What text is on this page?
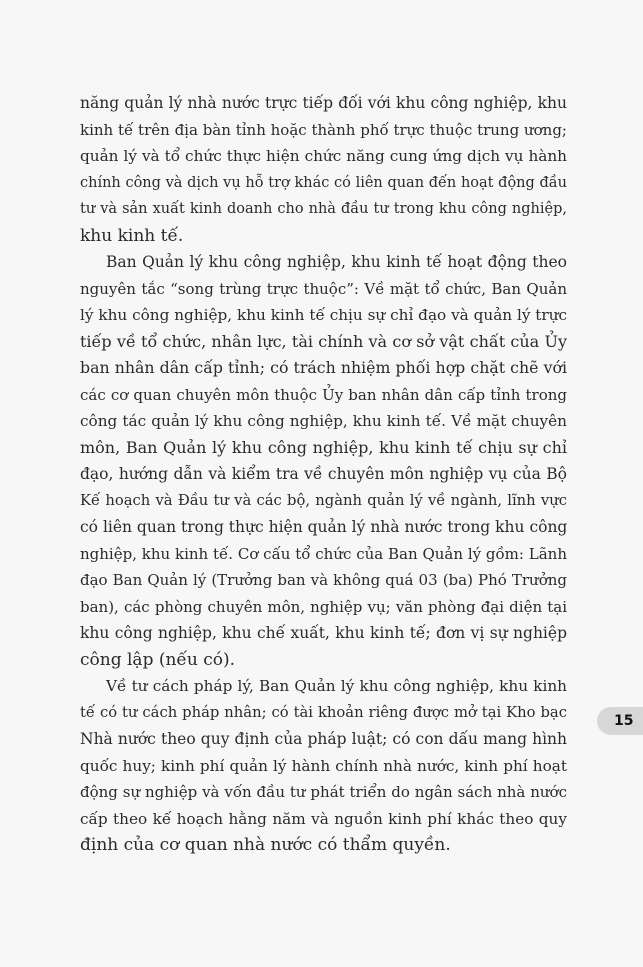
năng quản lý nhà nước trực tiếp đối với khu công nghiệp, khu
kinh tế trên địa bàn tỉnh hoặc thành phố trực thuộc trung ương;
quản lý và tổ chức thực hiện chức năng cung ứng dịch vụ hành
chính công và dịch vụ hỗ trợ khác có liên quan đến hoạt động đầu
tư và sản xuất kinh doanh cho nhà đầu tư trong khu công nghiệp,
khu kinh tế.

Ban Quản lý khu công nghiệp, khu kinh tế hoạt động theo
nguyên tắc “song trùng trực thuộc”: Về mặt tổ chức, Ban Quản
lý khu công nghiệp, khu kinh tế chịu sự chỉ đạo và quản lý trực
tiếp về tổ chức, nhân lực, tài chính và cơ sở vật chất của Ủy
ban nhân dân cấp tỉnh; có trách nhiệm phối hợp chặt chẽ với
các cơ quan chuyên môn thuộc Ủy ban nhân dân cấp tỉnh trong
công tác quản lý khu công nghiệp, khu kinh tế. Về mặt chuyên
môn, Ban Quản lý khu công nghiệp, khu kinh tế chịu sự chỉ
đạo, hướng dẫn và kiểm tra về chuyên môn nghiệp vụ của Bộ
Kế hoạch và Đầu tư và các bộ, ngành quản lý về ngành, lĩnh vực
có liên quan trong thực hiện quản lý nhà nước trong khu công
nghiệp, khu kinh tế. Cơ cấu tổ chức của Ban Quản lý gồm: Lãnh
đạo Ban Quản lý (Trưởng ban và không quá 03 (ba) Phó Trưởng
ban), các phòng chuyên môn, nghiệp vụ; văn phòng đại diện tại
khu công nghiệp, khu chế xuất, khu kinh tế; đơn vị sự nghiệp
công lập (nếu có).

Về tư cách pháp lý, Ban Quản lý khu công nghiệp, khu kinh
tế có tư cách pháp nhân; có tài khoản riêng được mở tại Kho bạc
Nhà nước theo quy định của pháp luật; có con dấu mang hình
quốc huy; kinh phí quản lý hành chính nhà nước, kinh phí hoạt
động sự nghiệp và vốn đầu tư phát triển do ngân sách nhà nước
cấp theo kế hoạch hằng năm và nguồn kinh phí khác theo quy
định của cơ quan nhà nước có thẩm quyền.

15
